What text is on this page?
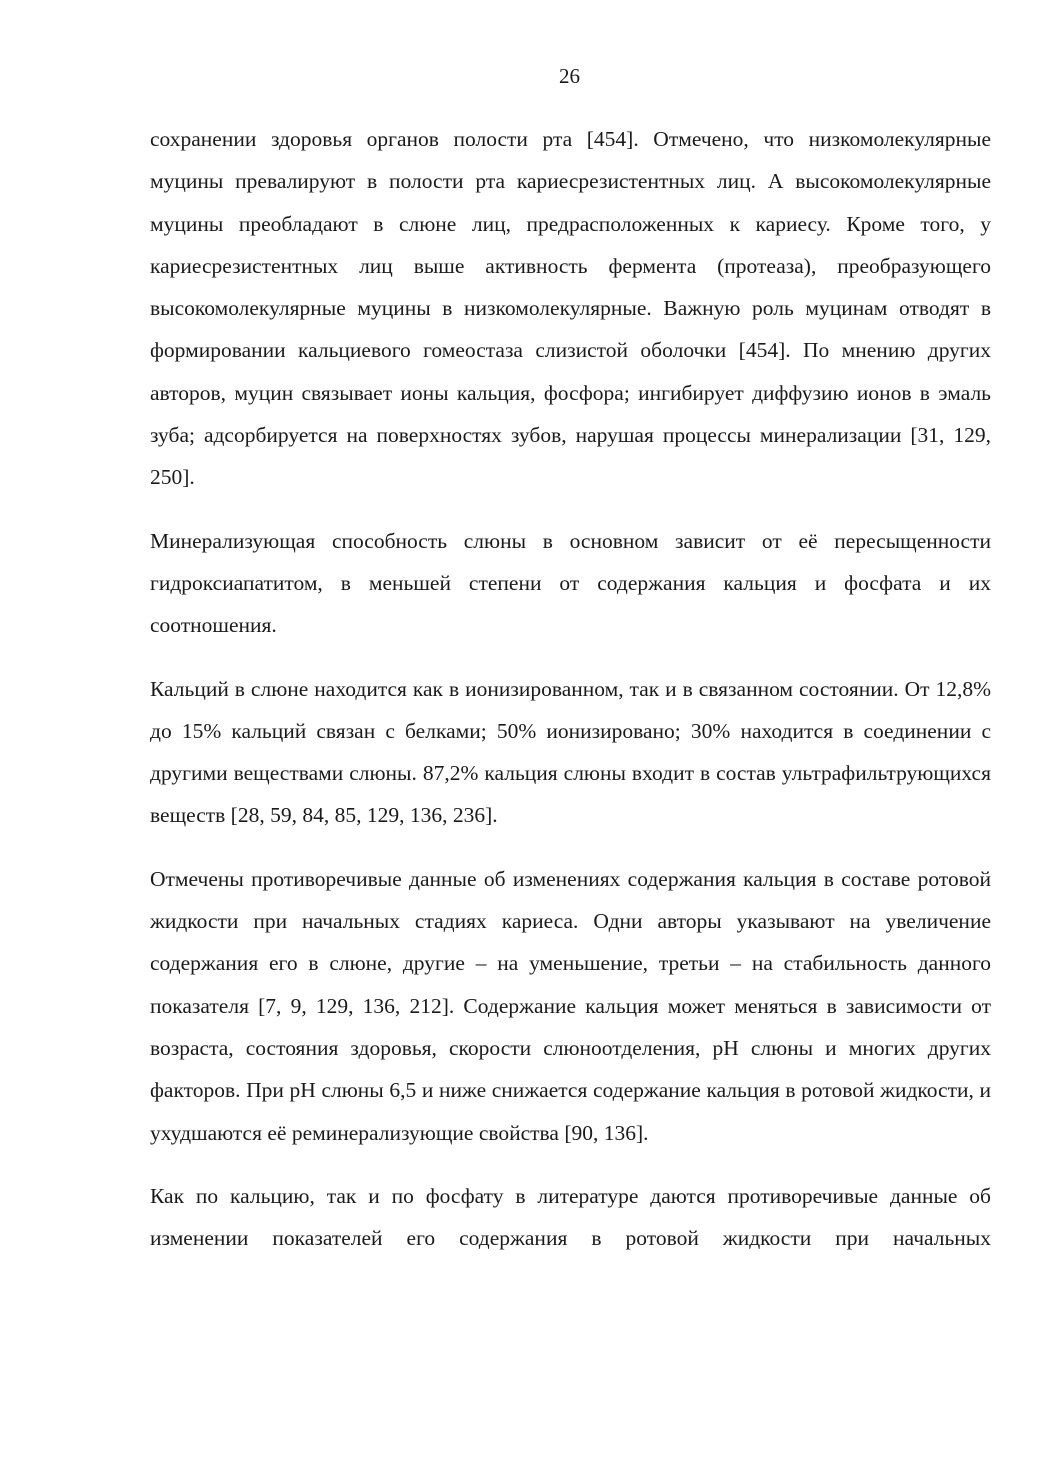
26

сохранении здоровья органов полости рта [454]. Отмечено, что низкомолекулярные муцины превалируют в полости рта кариесрезистентных лиц. А высокомолекулярные муцины преобладают в слюне лиц, предрасположенных к кариесу. Кроме того, у кариесрезистентных лиц выше активность фермента (протеаза), преобразующего высокомолекулярные муцины в низкомолекулярные. Важную роль муцинам отводят в формировании кальциевого гомеостаза слизистой оболочки [454]. По мнению других авторов, муцин связывает ионы кальция, фосфора; ингибирует диффузию ионов в эмаль зуба; адсорбируется на поверхностях зубов, нарушая процессы минерализации [31, 129, 250].

Минерализующая способность слюны в основном зависит от её пересыщенности гидроксиапатитом, в меньшей степени от содержания кальция и фосфата и их соотношения.

Кальций в слюне находится как в ионизированном, так и в связанном состоянии. От 12,8% до 15% кальций связан с белками; 50% ионизировано; 30% находится в соединении с другими веществами слюны. 87,2% кальция слюны входит в состав ультрафильтрующихся веществ [28, 59, 84, 85, 129, 136, 236].

Отмечены противоречивые данные об изменениях содержания кальция в составе ротовой жидкости при начальных стадиях кариеса. Одни авторы указывают на увеличение содержания его в слюне, другие – на уменьшение, третьи – на стабильность данного показателя [7, 9, 129, 136, 212]. Содержание кальция может меняться в зависимости от возраста, состояния здоровья, скорости слюноотделения, pH слюны и многих других факторов. При pH слюны 6,5 и ниже снижается содержание кальция в ротовой жидкости, и ухудшаются её реминерализующие свойства [90, 136].

Как по кальцию, так и по фосфату в литературе даются противоречивые данные об изменении показателей его содержания в ротовой жидкости при начальных
